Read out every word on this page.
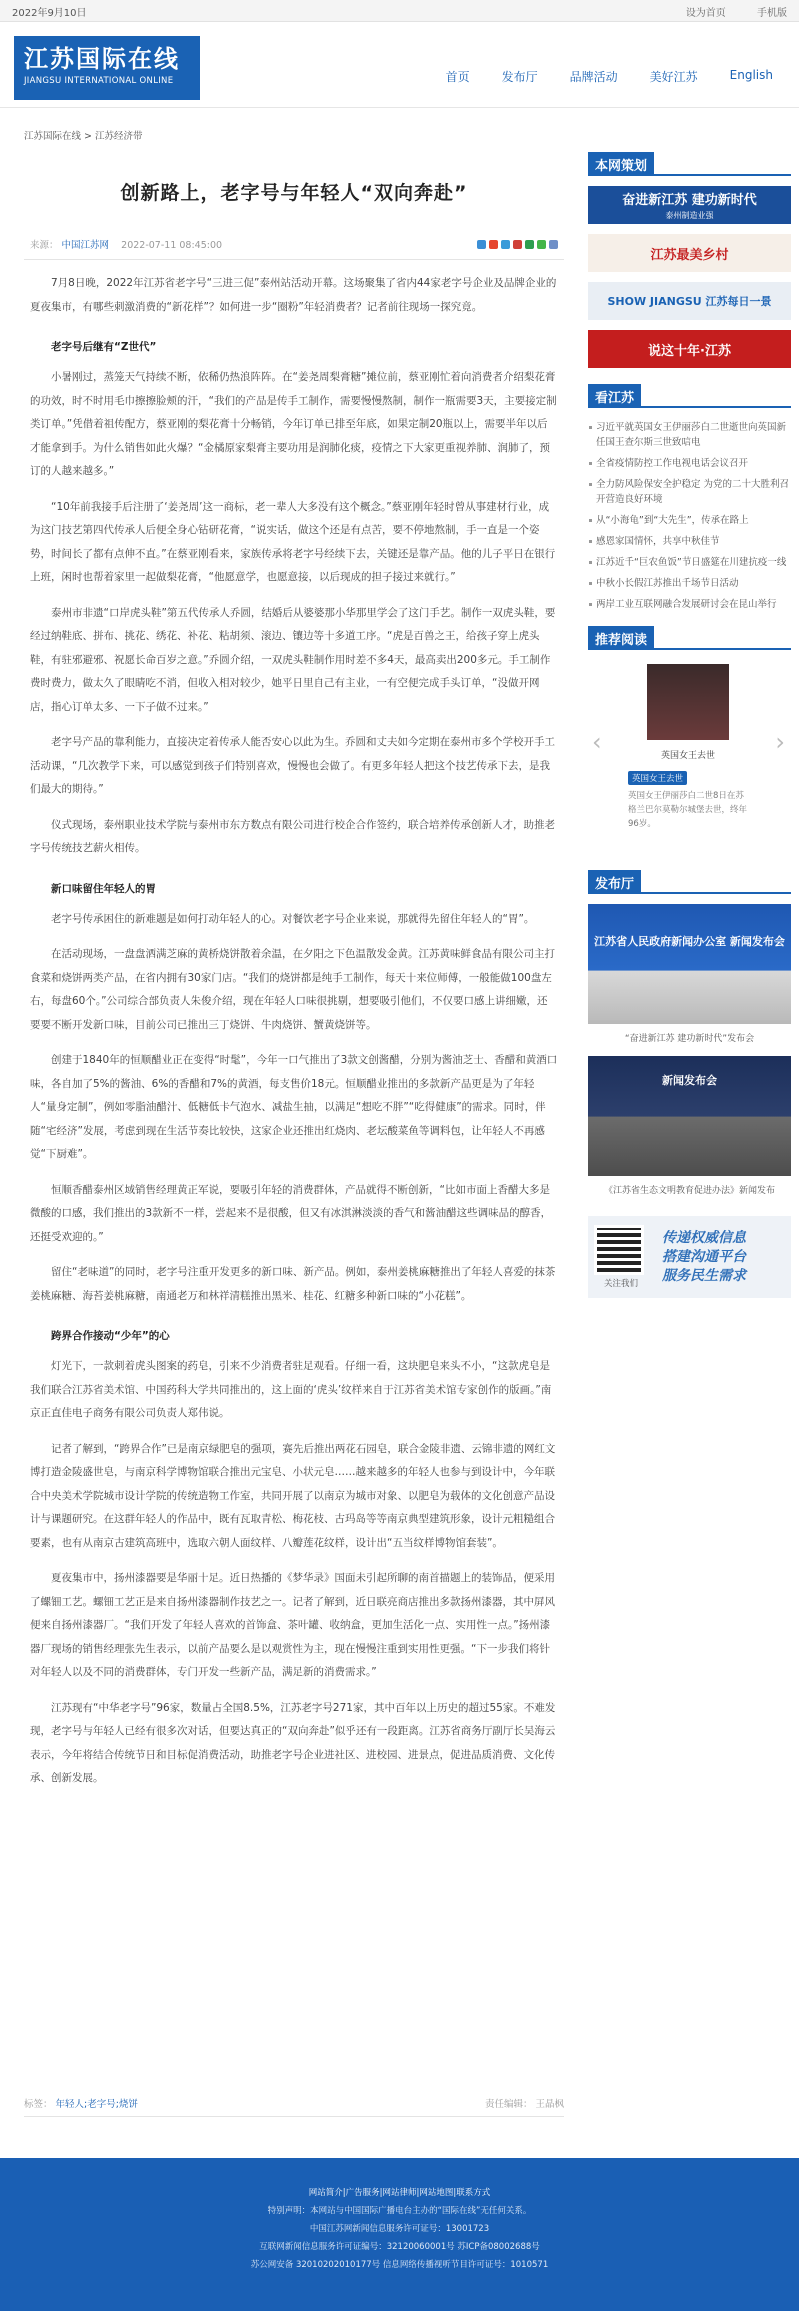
2022年9月10日	设为首页	手机版
江苏国际在线
JIANGSU INTERNATIONAL ONLINE	首页	发布厅	品牌活动	美好江苏	English
江苏国际在线 > 江苏经济带
创新路上，老字号与年轻人“双向奔赴”
来源： 中国江苏网 2022-07-11 08:45:00

7月8日晚，2022年江苏省老字号“三进三促”泰州站活动开幕。这场聚集了省内44家老字号企业及品牌企业的夏夜集市，有哪些刺激消费的“新花样”？如何进一步“圈粉”年轻消费者？记者前往现场一探究竟。

老字号后继有“Z世代”

小暑刚过，蒸笼天气持续不断，依稀仍热浪阵阵。在“姜尧周梨膏糖”摊位前，蔡亚刚忙着向消费者介绍梨花膏的功效，时不时用毛巾擦擦脸颊的汗，“我们的产品是传手工制作，需要慢慢熬制，制作一瓶需要3天，主要接定制类订单。”凭借着祖传配方，蔡亚刚的梨花膏十分畅销，今年订单已排至年底，如果定制20瓶以上，需要半年以后才能拿到手。为什么销售如此火爆？“金橘原家梨膏主要功用是润肺化痰，疫情之下大家更重视养肺、润肺了，预订的人越来越多。”

“10年前我接手后注册了‘姜尧周’这一商标，老一辈人大多没有这个概念。”蔡亚刚年轻时曾从事建材行业，成为这门技艺第四代传承人后便全身心钻研花膏，“说实话，做这个还是有点苦，要不停地熬制，手一直是一个姿势，时间长了都有点伸不直。”在蔡亚刚看来，家族传承将老字号经续下去，关键还是靠产品。他的儿子平日在银行上班，闲时也帮着家里一起做梨花膏，“他愿意学，也愿意接，以后现成的担子接过来就行。”

泰州市非遗“口岸虎头鞋”第五代传承人乔圆，结婚后从婆婆那小华那里学会了这门手艺。制作一双虎头鞋，要经过纳鞋底、拼布、挑花、绣花、补花、粘胡须、滚边、镶边等十多道工序。“虎是百兽之王，给孩子穿上虎头鞋，有驻邪避邪、祝愿长命百岁之意。”乔圆介绍，一双虎头鞋制作用时差不多4天，最高卖出200多元。手工制作费时费力，做太久了眼睛吃不消，但收入相对较少，她平日里自己有主业，一有空便完成手头订单，“没做开网店，指心订单太多、一下子做不过来。”

老字号产品的靠利能力，直接决定着传承人能否安心以此为生。乔圆和丈夫如今定期在泰州市多个学校开手工活动课，“几次教学下来，可以感觉到孩子们特别喜欢，慢慢也会做了。有更多年轻人把这个技艺传承下去，是我们最大的期待。”

仪式现场，泰州职业技术学院与泰州市东方数点有限公司进行校企合作签约，联合培养传承创新人才，助推老字号传统技艺薪火相传。

新口味留住年轻人的胃

老字号传承困住的新难题是如何打动年轻人的心。对餐饮老字号企业来说，那就得先留住年轻人的“胃”。

在活动现场，一盘盘洒满芝麻的黄桥烧饼散着余温，在夕阳之下色温散发金黄。江苏黄味鲜食品有限公司主打食菜和烧饼两类产品，在省内拥有30家门店。“我们的烧饼都是纯手工制作，每天十来位师傅，一般能做100盘左右，每盘60个。”公司综合部负责人朱俊介绍，现在年轻人口味很挑剔，想要吸引他们，不仅要口感上讲细嫩，还要要不断开发新口味，目前公司已推出三丁烧饼、牛肉烧饼、蟹黄烧饼等。

创建于1840年的恒顺醋业正在变得“时髦”，今年一口气推出了3款文创酱醋，分别为酱油芝士、香醋和黄酒口味，各自加了5%的酱油、6%的香醋和7%的黄酒，每支售价18元。恒顺醋业推出的多款新产品更是为了年轻人“量身定制”，例如零脂油醋汁、低糖低卡气泡水、减盐生抽，以满足“想吃不胖”“吃得健康”的需求。同时，伴随“宅经济”发展，考虑到现在生活节奏比较快，这家企业还推出红烧肉、老坛酸菜鱼等调料包，让年轻人不再感觉“下厨难”。

恒顺香醋泰州区域销售经理黄正军说，要吸引年轻的消费群体，产品就得不断创新，“比如市面上香醋大多是微酸的口感，我们推出的3款新不一样，尝起来不是很酸，但又有冰淇淋淡淡的香气和酱油醋这些调味品的醇香，还挺受欢迎的。”

留住“老味道”的同时，老字号注重开发更多的新口味、新产品。例如，泰州姜桃麻糖推出了年轻人喜爱的抹茶姜桃麻糖、海苔姜桃麻糖，南通老万和林祥清糕推出黑米、桂花、红糖多种新口味的“小花糕”。

跨界合作接动“少年”的心

灯光下，一款刺着虎头图案的药皂，引来不少消费者驻足观看。仔细一看，这块肥皂来头不小，“这款虎皂是我们联合江苏省美术馆、中国药科大学共同推出的，这上面的‘虎头’纹样来自于江苏省美术馆专家创作的版画。”南京正直佳电子商务有限公司负责人郑伟说。

记者了解到，“跨界合作”已是南京绿肥皂的强项，赛先后推出两花石园皂，联合金陵非遗、云锦非遗的网红文博打造金陵盛世皂，与南京科学博物馆联合推出元宝皂、小状元皂……越来越多的年轻人也参与到设计中，今年联合中央美术学院城市设计学院的传统造物工作室，共同开展了以南京为城市对象、以肥皂为载体的文化创意产品设计与课题研究。在这群年轻人的作品中，既有瓦取青松、梅花枝、古玛岛等等南京典型建筑形象，设计元粗糙组合要素，也有从南京古建筑高班中，选取六朝人面纹样、八瓣莲花纹样，设计出“五当纹样博物馆套装”。

夏夜集市中，扬州漆器要是华丽十足。近日热播的《梦华录》国面未引起所聊的南首描题上的装饰品，便采用了螺钿工艺。螺钿工艺正是来自扬州漆器制作技艺之一。记者了解到，近日联亮商店推出多款扬州漆器，其中屏风便来自扬州漆器厂。“我们开发了年轻人喜欢的首饰盒、茶叶罐、收纳盒，更加生活化一点、实用性一点。”扬州漆器厂现场的销售经理张先生表示，以前产品要么是以观赏性为主，现在慢慢注重到实用性更强。“下一步我们将针对年轻人以及不同的消费群体，专门开发一些新产品，满足新的消费需求。”

江苏现有“中华老字号”96家，数量占全国8.5%，江苏老字号271家，其中百年以上历史的超过55家。不难发现，老字号与年轻人已经有很多次对话，但要达真正的“双向奔赴”似乎还有一段距离。江苏省商务厅副厅长吴海云表示，今年将结合传统节日和目标促消费活动，助推老字号企业进社区、进校园、进景点，促进品质消费、文化传承、创新发展。

标签： 年轻人;老字号;烧饼	责任编辑： 王晶枫
本网策划
奋进新江苏 建功新时代
泰州制造业强
江苏最美乡村
SHOW JIANGSU 江苏每日一景
说这十年·江苏
看江苏
习近平就英国女王伊丽莎白二世逝世向英国新任国王查尔斯三世致唁电
全省疫情防控工作电视电话会议召开
全力防风险保安全护稳定 为党的二十大胜利召开营造良好环境
从“小海龟”到“大先生”，传承在路上
感恩家国情怀，共享中秋佳节
江苏近千“巨农鱼饭”节日盛筵在川建抗疫一线
中秋小长假江苏推出千场节日活动
两岸工业互联网融合发展研讨会在昆山举行
推荐阅读
‹	英国女王去世
英国女王去世
英国女王伊丽莎白二世8日在苏格兰巴尔莫勒尔城堡去世，终年96岁。
›
发布厅
江苏省人民政府新闻办公室 新闻发布会
“奋进新江苏 建功新时代”发布会
新闻发布会
《江苏省生态文明教育促进办法》新闻发布
关注我们
传递权威信息
搭建沟通平台
服务民生需求
网站简介|广告服务|网站律师|网站地图|联系方式
特别声明：本网站与中国国际广播电台主办的“国际在线”无任何关系。
中国江苏网新闻信息服务许可证号：13001723
互联网新闻信息服务许可证编号：32120060001号 苏ICP备08002688号
苏公网安备 32010202010177号 信息网络传播视听节目许可证号：1010571
